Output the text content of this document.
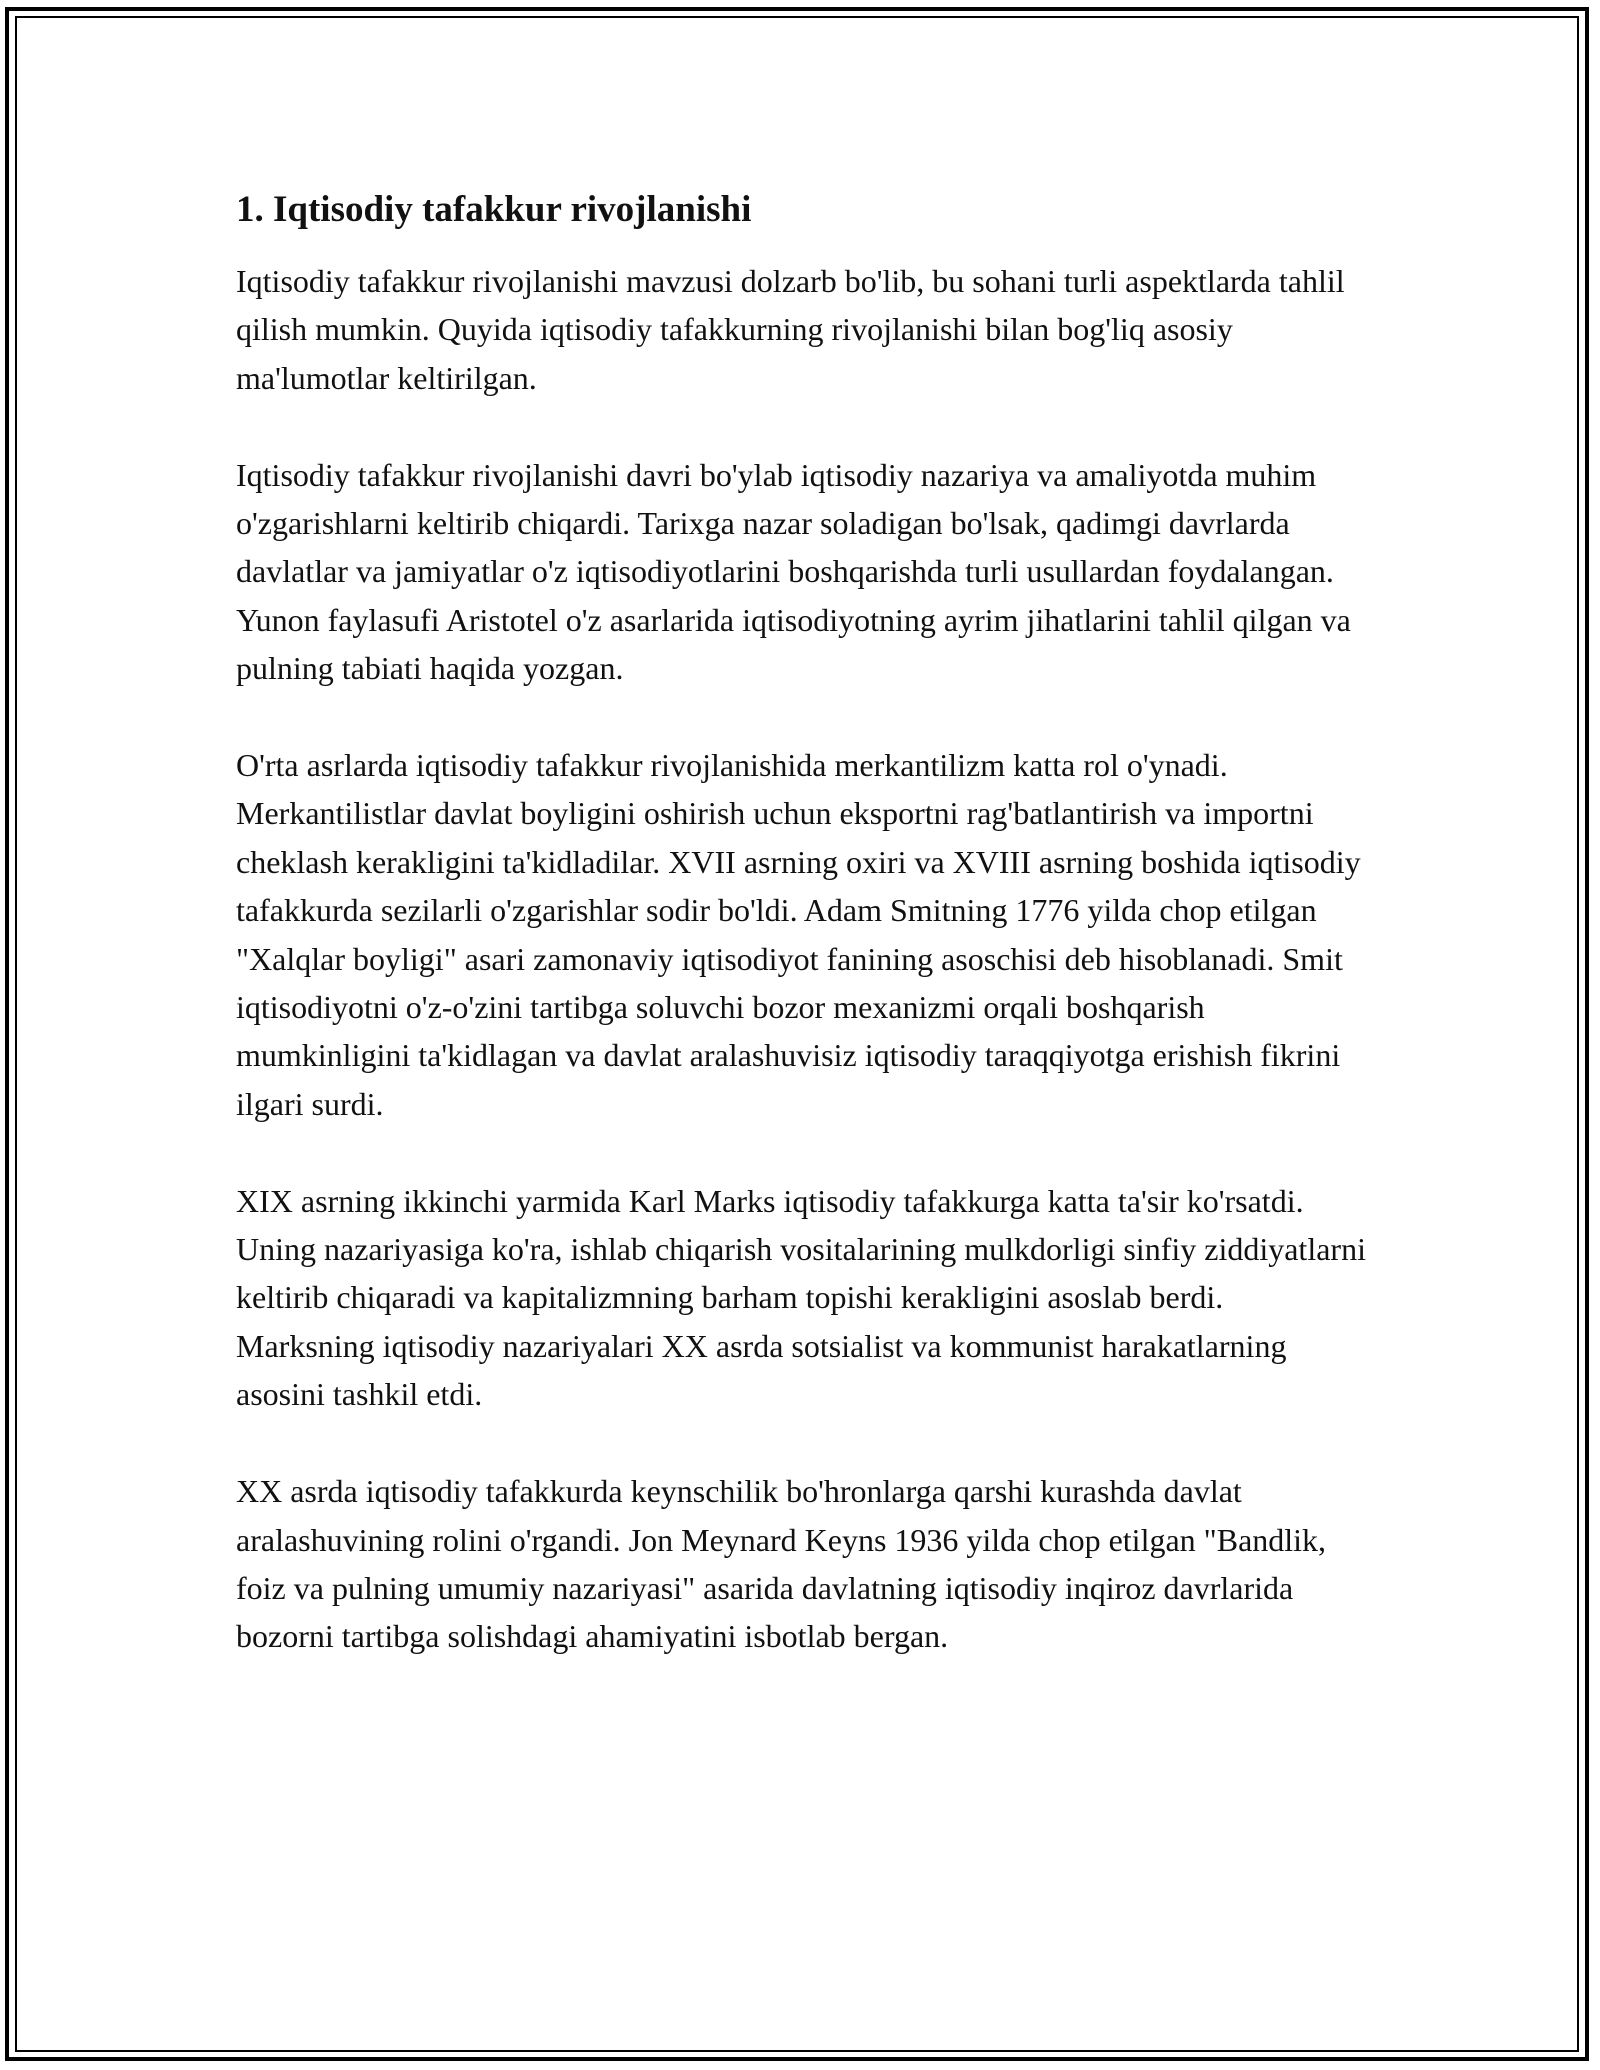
1. Iqtisodiy tafakkur rivojlanishi

Iqtisodiy tafakkur rivojlanishi mavzusi dolzarb bo'lib, bu sohani turli aspektlarda tahlil qilish mumkin. Quyida iqtisodiy tafakkurning rivojlanishi bilan bog'liq asosiy ma'lumotlar keltirilgan.

Iqtisodiy tafakkur rivojlanishi davri bo'ylab iqtisodiy nazariya va amaliyotda muhim o'zgarishlarni keltirib chiqardi. Tarixga nazar soladigan bo'lsak, qadimgi davrlarda davlatlar va jamiyatlar o'z iqtisodiyotlarini boshqarishda turli usullardan foydalangan. Yunon faylasufi Aristotel o'z asarlarida iqtisodiyotning ayrim jihatlarini tahlil qilgan va pulning tabiati haqida yozgan.

O'rta asrlarda iqtisodiy tafakkur rivojlanishida merkantilizm katta rol o'ynadi. Merkantilistlar davlat boyligini oshirish uchun eksportni rag'batlantirish va importni cheklash kerakligini ta'kidladilar. XVII asrning oxiri va XVIII asrning boshida iqtisodiy tafakkurda sezilarli o'zgarishlar sodir bo'ldi. Adam Smitning 1776 yilda chop etilgan "Xalqlar boyligi" asari zamonaviy iqtisodiyot fanining asoschisi deb hisoblanadi. Smit iqtisodiyotni o'z-o'zini tartibga soluvchi bozor mexanizmi orqali boshqarish mumkinligini ta'kidlagan va davlat aralashuvisiz iqtisodiy taraqqiyotga erishish fikrini ilgari surdi.

XIX asrning ikkinchi yarmida Karl Marks iqtisodiy tafakkurga katta ta'sir ko'rsatdi. Uning nazariyasiga ko'ra, ishlab chiqarish vositalarining mulkdorligi sinfiy ziddiyatlarni keltirib chiqaradi va kapitalizmning barham topishi kerakligini asoslab berdi. Marksning iqtisodiy nazariyalari XX asrda sotsialist va kommunist harakatlarning asosini tashkil etdi.

XX asrda iqtisodiy tafakkurda keynschilik bo'hronlarga qarshi kurashda davlat aralashuvining rolini o'rgandi. Jon Meynard Keyns 1936 yilda chop etilgan "Bandlik, foiz va pulning umumiy nazariyasi" asarida davlatning iqtisodiy inqiroz davrlarida bozorni tartibga solishdagi ahamiyatini isbotlab bergan.
